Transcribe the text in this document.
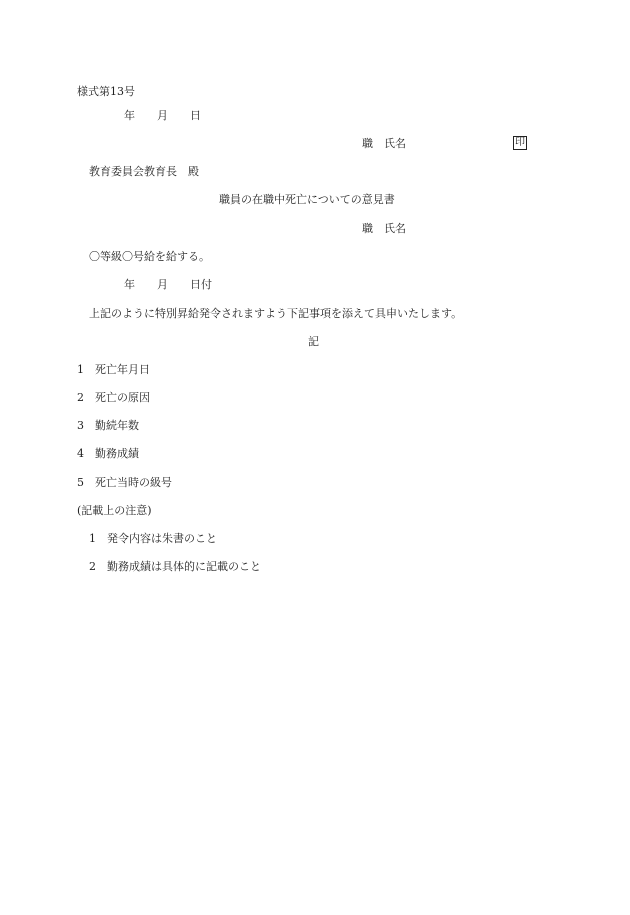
様式第13号
年　　月　　日
職　氏名	印
教育委員会教育長　殿
職員の在職中死亡についての意見書
職　氏名
〇等級〇号給を給する。
年　　月　　日付
上記のように特別昇給発令されますよう下記事項を添えて具申いたします。
記
1 死亡年月日
2 死亡の原因
3 勤続年数
4 勤務成績
5 死亡当時の級号
(記載上の注意)
1 発令内容は朱書のこと
2 勤務成績は具体的に記載のこと
